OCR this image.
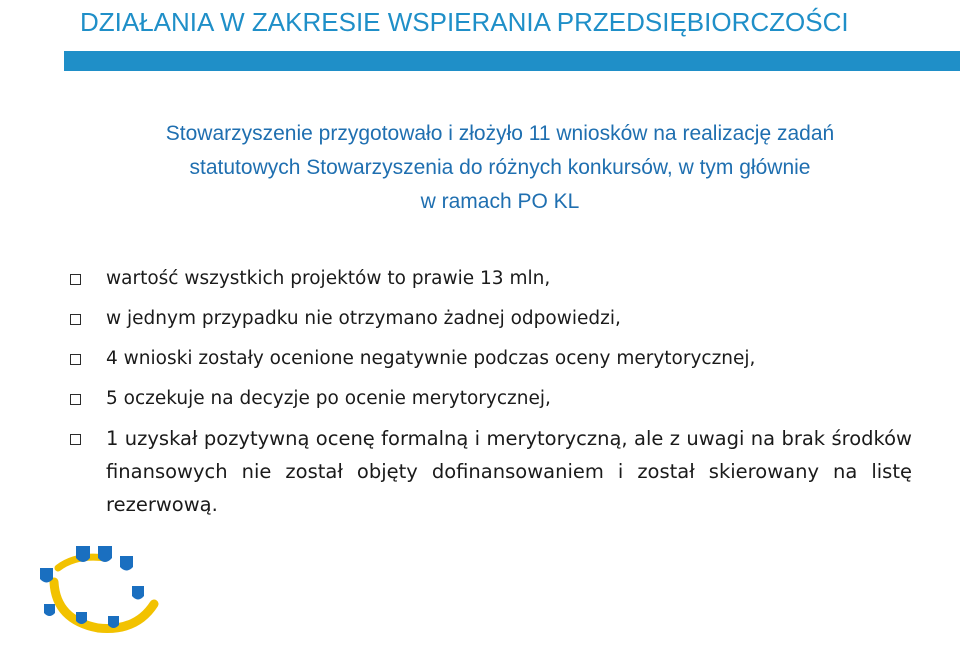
DZIAŁANIA W ZAKRESIE WSPIERANIA PRZEDSIĘBIORCZOŚCI

Stowarzyszenie przygotowało i złożyło 11 wniosków na realizację zadań
statutowych Stowarzyszenia do różnych konkursów, w tym głównie
w ramach PO KL

wartość wszystkich projektów to prawie 13 mln,
w jednym przypadku nie otrzymano żadnej odpowiedzi,
4 wnioski zostały ocenione negatywnie podczas oceny merytorycznej,
5 oczekuje na decyzje po ocenie merytorycznej,
1 uzyskał pozytywną ocenę formalną i merytoryczną, ale z uwagi na brak środków finansowych nie został objęty dofinansowaniem i został skierowany na listę rezerwową.
